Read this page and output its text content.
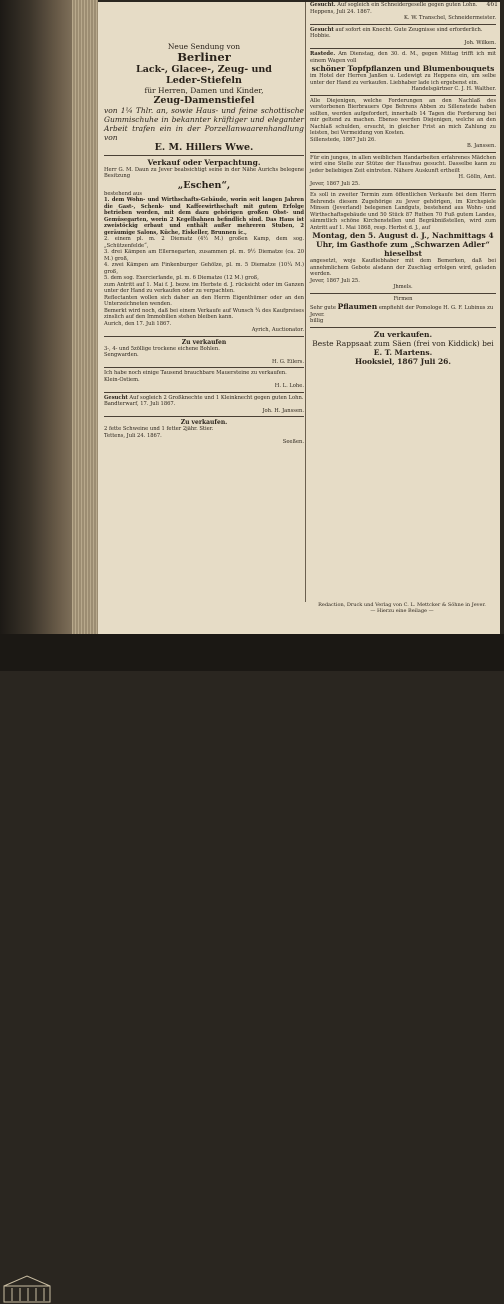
461
Neue Sendung von
Berliner
Lack-, Glacee-, Zeug- und
Leder-Stiefeln
für Herren, Damen und Kinder,
Zeug-Damenstiefel
von 1¼ Thlr. an, sowie Haus- und feine schottische Gummischuhe in bekannter kräftiger und eleganter Arbeit trafen ein in der Porzellanwaarenhandlung von
E. M. Hillers Wwe.
Verkauf oder Verpachtung.
Herr G. M. Daun zu Jever beabsichtigt seine in der Nähe Aurichs belegene Besitzung
„Eschen“,
bestehend aus
1. dem Wohn- und Wirthschafts-Gebäude, worin seit langen Jahren die Gast-, Schenk- und Kaffeewirthschaft mit gutem Erfolge betrieben worden, mit dem dazu gehörigen großen Obst- und Gemüsegarten, worin 2 Kegelbahnen befindlich sind. Das Haus ist zweistöckig erbaut und enthält außer mehreren Stuben, 2 geräumige Salons, Küche, Eiskeller, Brunnen ic.,
2. einem pl. m. 2 Diematz (4½ M.) großen Kamp, dem sog. „Schützenfelde“,
3. drei Kämpen am Ellernegarten, zusammen pl. m. 9½ Diematze (ca. 20 M.) groß,
4. zwei Kämpen am Finkenburger Gehölze, pl. m. 5 Diematze (10¼ M.) groß,
5. dem sog. Exercierlande, pl. m. 6 Diematze (12 M.) groß,
zum Antritt auf 1. Mai f. J. bezw. im Herbste d. J. rücksicht oder im Ganzen unter der Hand zu verkaufen oder zu verpachten.
Reflectanten wollen sich daher an den Herrn Eigenthümer oder an den Unterzeichneten wenden.
Bemerkt wird noch, daß bei einem Verkaufe auf Wunsch ¾ des Kaufpreises zinslich auf den Immobilien stehen bleiben kann.
Aurich, den 17. Juli 1867.
Ayrich, Auctionator.
Zu verkaufen
3-, 4- und 5zöllige trockene eichene Bohlen.
Sengwarden.
H. G. Eilers.
Ich habe noch einige Tausend brauchbare Mauersteine zu verkaufen.
Klein-Ostiem.
H. L. Lohe.
Gesucht Auf sogleich 2 Großknechte und 1 Kleinknecht gegen guten Lohn.
Bandterwarf, 17. Juli 1867.
Joh. H. Janssen.
Zu verkaufen.
2 fette Schweine und 1 fetter 2jähr. Stier.
Tettens, Juli 24. 1867.
Seeßen.
Gesucht. Auf sogleich ein Schneidergeselle gegen guten Lohn.
Heppens, Juli 24. 1867.
K. W. Transchel, Schneidermeister.
Gesucht auf sofort ein Knecht. Gute Zeugnisse sind erforderlich.
Hobbie.
Joh. Wilken.
Rastede. Am Dienstag, den 30. d. M., gegen Mittag trifft ich mit einem Wagen voll
schöner Topfpflanzen und Blumenbouquets
im Hotel der Herren Janßen u. Ledewigt zu Heppens ein, um selbe unter der Hand zu verkaufen. Liebhaber lade ich ergebenst ein.
Handelsgärtner C. J. H. Walther.
Alle Diejenigen, welche Forderungen an den Nachlaß des verstorbenen Bierbrauers Ope Behrens Abben zu Sillenstede haben sollten, werden aufgefordert, innerhalb 14 Tagen die Forderung bei mir geltend zu machen. Ebenso werden Diejenigen, welche an den Nachlaß schulden, ersucht, in gleicher Frist an mich Zahlung zu leisten, bei Vermeidung von Kosten.
Sillenstede, 1867 Juli 26.
B. Janssen.
Für ein junges, in allen weiblichen Handarbeiten erfahrenes Mädchen wird eine Stelle zur Stütze der Hausfrau gesucht. Dasselbe kann zu jeder beliebigen Zeit eintreten. Nähere Auskunft ertheilt
H. Gölln, Amt.
Jever, 1867 Juli 25.
Es soll in zweiter Termin zum öffentlichen Verkaufe bei dem Herrn Behrends diesem Zugehörige zu Jever gehörigen, im Kirchspiele Minsen (Jeverland) belegenen Landguts, bestehend aus Wohn- und Wirthschaftsgebäude und 50 Stück 87 Ruthen 70 Fuß gutem Landes, sämmtlich schöne Kirchenstellen und Begräbnißstellen, wird zum Antritt auf 1. Mai 1868, resp. Herbst d. J., auf
Montag, den 5. August d. J., Nachmittags 4 Uhr, im Gasthofe zum „Schwarzen Adler“ hieselbst
angesetzt, woju Kaufliebhaber mit dem Bemerken, daß bei annehmlichem Gebote alsdann der Zuschlag erfolgen wird, geladen werden.
Jever, 1867 Juli 25.
Jhmels.
Firmen
Sehr gute Pflaumen empfiehlt der Pomologe H. G. F. Lubinus zu Jever.
billig
Zu verkaufen.
Beste Rappsaat zum Säen (frei von Kiddick) bei
E. T. Martens.
Hooksiel, 1867 Juli 26.
Redaction, Druck und Verlag von C. L. Mettcker & Söhne in Jever.
— Hierzu eine Beilage —
